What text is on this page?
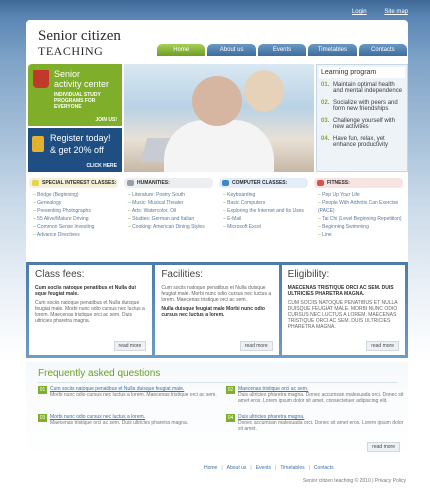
Login	Site map
Senior citizen
TEACHING	Home	About us	Events	Timetables	Contacts
Senior
activity center
INDIVIDUAL STUDY PROGRAMS FOR EVERYONE
JOIN US!
Register today!
& get 20% off
CLICK HERE
Learning program
01. Maintain optimal health and mental independence
02. Socialize with peers and form new friendships
03. Challenge yourself with new activities
04. Have fun, relax, yet enhance productivity
SPECIAL INTEREST CLASSES:
– Bridge (Beginning)
– Genealogy
– Presenting Photographs
– 55 Alive/Mature Driving
– Common Sense Investing
– Advance Directives
HUMANITIES:
– Literature: Poetry South
– Music: Musical Theater
– Arts: Watercolor, Oil
– Studies: German and Italian
– Cooking: American Dining Styles
COMPUTER CLASSES:
– Keyboarding
– Basic Computers
– Exploring the Internet and Its Uses
– E-Mail
– Microsoft Excel
FITNESS:
– Pep Up Your Life
– People With Arthritis Can Exercise (PACE)
– Tai Chi (Level Beginning Repetition)
– Beginning Swimming
– Line
Class fees:
Cum sociis natoque penatibus et Nulla dui sque feugiat male.
Cum sociis natoque penatibus et Nulla duisque feugiat male. Morbi nunc odio cursus nec luctus a lorem. Maecenas tristique orci ac sem. Duis ultricies pharetra magna.
read more
Facilities:
Cum sociis natoque penatibus et Nulla duisque feugiat male. Morbi nunc odio cursus nec luctus a lorem. Maecenas tristique orci ac sem.
Nulla duisque feugiat male Morbi nunc odio cursus nec luctus a lorem.
read more
Eligibility:
MAECENAS TRISTIQUE ORCI AC SEM. DUIS ULTRICIES PHARETRA MAGNA.
CUM SOCIIS NATOQUE PENATIBUS ET NULLA DUISQUE FEUGIAT MALE. MORBI NUNC ODIO CURSUS NEC LUCTUS A LOREM. MAECENAS TRISTIQUE ORCI AC SEM. DUIS ULTRICIES PHARETRA MAGNA.
read more
Frequently asked questions
01 Cum sociis natoque penatibus et Nulla duisque feugiat male.
Morbi nunc odio cursus nec luctus a lorem. Maecenas tristique orci ac sem.
02 Maecenas tristique orci ac sem.
Duis ultricies pharetra magna. Donec accumsan malesuada orci. Donec sit amet eros. Lorem ipsum dolor sit amet, consectetuer adipiscing elit.
03 Morbi nunc odio cursus nec luctus a lorem.
Maecenas tristique orci ac sem. Duis ultricies pharetra magna.
04 Duis ultricies pharetra magna.
Donec accumsan malesuada orci. Donec sit amet eros. Lorem ipsum dolor sit amet.
read more
Home | About us | Events | Timetables | Contacts
Senior citizen teaching © 2010 | Privacy Policy
